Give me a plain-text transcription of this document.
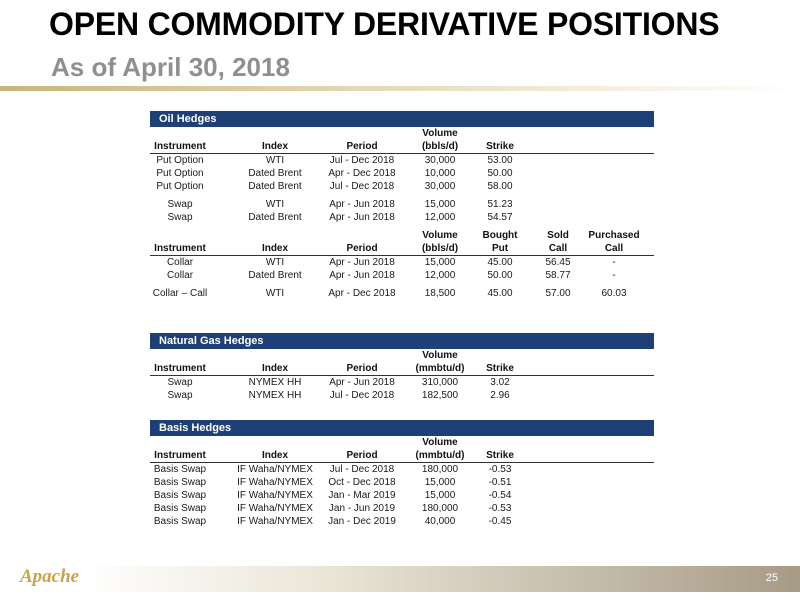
OPEN COMMODITY DERIVATIVE POSITIONS
As of April 30, 2018
Oil Hedges
Volume
Instrument	Index	Period	(bbls/d)	Strike
Put Option	WTI	Jul - Dec 2018	30,000	53.00
Put Option	Dated Brent	Apr - Dec 2018	10,000	50.00
Put Option	Dated Brent	Jul - Dec 2018	30,000	58.00
Swap	WTI	Apr - Jun 2018	15,000	51.23
Swap	Dated Brent	Apr - Jun 2018	12,000	54.57
Volume Bought	Sold Purchased
Instrument	Index	Period	(bbls/d)	Put	Call	Call
Collar	WTI	Apr - Jun 2018	15,000	45.00	56.45	-
Collar	Dated Brent	Apr - Jun 2018	12,000	50.00	58.77	-
Collar – Call	WTI	Apr - Dec 2018	18,500	45.00	57.00	60.03
Natural Gas Hedges
Volume
Instrument	Index	Period	(mmbtu/d) Strike
Swap	NYMEX HH	Apr - Jun 2018	310,000	3.02
Swap	NYMEX HH	Jul - Dec 2018	182,500	2.96
Basis Hedges
Volume
Instrument	Index	Period	(mmbtu/d) Strike
Basis Swap	IF Waha/NYMEX Jul - Dec 2018	180,000	-0.53
Basis Swap	IF Waha/NYMEX Oct - Dec 2018	15,000	-0.51
Basis Swap	IF Waha/NYMEX Jan - Mar 2019	15,000	-0.54
Basis Swap	IF Waha/NYMEX Jan - Jun 2019	180,000	-0.53
Basis Swap	IF Waha/NYMEX Jan - Dec 2019	40,000	-0.45
Apache	25
